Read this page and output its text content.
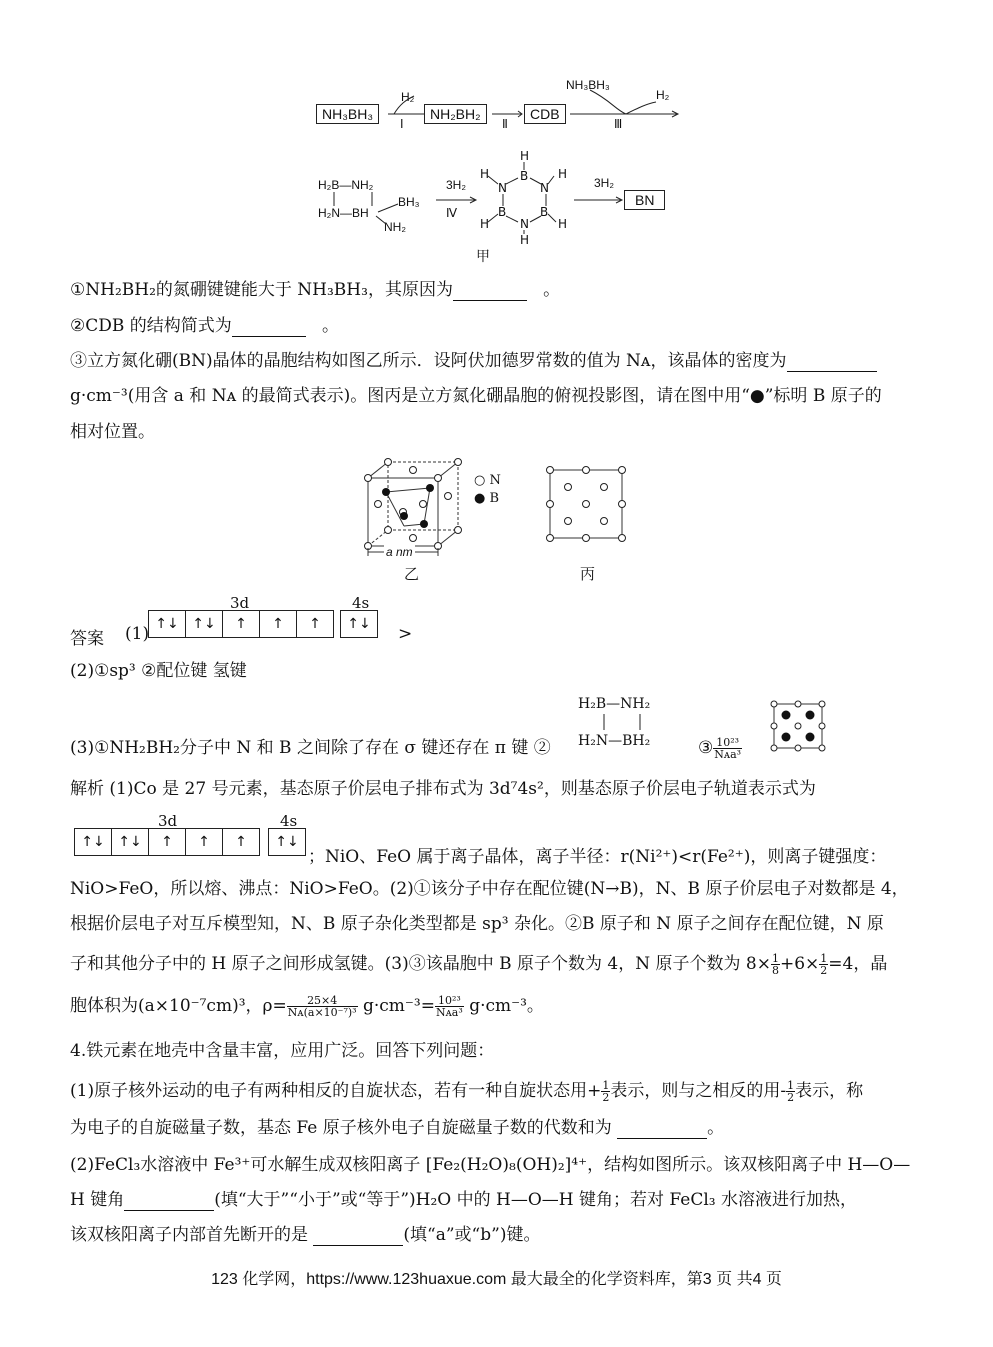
NH₃BH₃	NH₂BH₂	CDB
H₂
Ⅰ	Ⅱ
NH₃BH₃
H₂
Ⅲ
H₂B—NH₂
H₂N—BH
BH₃
NH₂
3H₂
Ⅳ
H
B
N	N
B	B
N
H
H	H
H	H
甲
3H₂
BN
①NH₂BH₂的氮硼键键能大于 NH₃BH₃，其原因为	。
②CDB 的结构简式为	。
③立方氮化硼(BN)晶体的晶胞结构如图乙所示．设阿伏加德罗常数的值为 Nᴀ，该晶体的密度为
g·cm⁻³(用含 a 和 Nᴀ 的最简式表示)。图丙是立方氮化硼晶胞的俯视投影图，请在图中用“●”标明 B 原子的
相对位置。
a nm
○ N
● B
乙	丙
答案 (1)
3d	4s
↑↓ ↑↓	↑	↑	↑	↑↓	>
(2)①sp³ ②配位键 氢键
(3)①NH₂BH₂分子中 N 和 B 之间除了存在 σ 键还存在 π 键 ②
H₂B—NH₂
H₂N—BH₂	③ $\frac{\text{10²³}}{\text{Nᴀa³}}$
解析 (1)Co 是 27 号元素，基态原子价层电子排布式为 3d⁷4s²，则基态原子价层电子轨道表示式为
3d	4s
↑↓ ↑↓	↑	↑	↑	↑↓
；NiO、FeO 属于离子晶体，离子半径：r(Ni²⁺)<r(Fe²⁺)，则离子键强度：
NiO>FeO，所以熔、沸点：NiO>FeO。(2)①该分子中存在配位键(N→B)，N、B 原子价层电子对数都是 4，
根据价层电子对互斥模型知，N、B 原子杂化类型都是 sp³ 杂化。②B 原子和 N 原子之间存在配位键，N 原
子和其他分子中的 H 原子之间形成氢键。(3)③该晶胞中 B 原子个数为 4，N 原子个数为 $8\times \frac{1}{8} +6\times \frac{1}{2} =4$，晶
胞体积为(a×10⁻⁷cm)³，$\rho= \frac{25\times 4}{\text{Nᴀ(a×10⁻⁷)³}} g\cdot cm^{-3}= \frac{\text{10²³}}{\text{Nᴀa³}} g\cdot cm^{-3}$。
4.铁元素在地壳中含量丰富，应用广泛。回答下列问题：
(1)原子核外运动的电子有两种相反的自旋状态，若有一种自旋状态用+ $\frac{1}{2}$ 表示，则与之相反的用- $\frac{1}{2}$ 表示，称
为电子的自旋磁量子数，基态 Fe 原子核外电子自旋磁量子数的代数和为	。
(2)FeCl₃水溶液中 Fe³⁺可水解生成双核阳离子 [Fe₂(H₂O)₈(OH)₂]⁴⁺，结构如图所示。该双核阳离子中 H—O—
H 键角	(填“大于”“小于”或“等于”)H₂O 中的 H—O—H 键角；若对 FeCl₃ 水溶液进行加热，
该双核阳离子内部首先断开的是	(填“a”或“b”)键。
123 化学网，https://www.123huaxue.com 最大最全的化学资料库，第3 页 共4 页
